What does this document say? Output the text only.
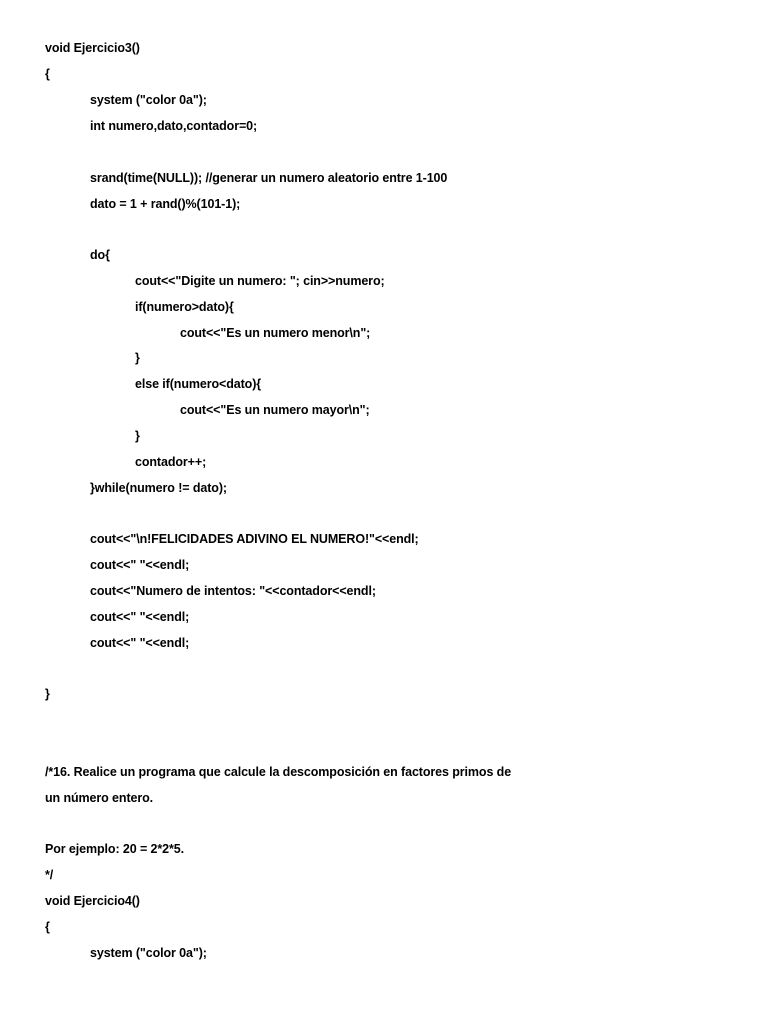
void Ejercicio3()

{

system ("color 0a");

int numero,dato,contador=0;

srand(time(NULL)); //generar un numero aleatorio entre 1-100

dato = 1 + rand()%(101-1);

do{

cout<<"Digite un numero: "; cin>>numero;

if(numero>dato){

cout<<"Es un numero menor\n";

}

else if(numero<dato){

cout<<"Es un numero mayor\n";

}

contador++;

}while(numero != dato);

cout<<"\n!FELICIDADES ADIVINO EL NUMERO!"<<endl;

cout<<" "<<endl;

cout<<"Numero de intentos: "<<contador<<endl;

cout<<" "<<endl;

cout<<" "<<endl;

}

/*16. Realice un programa que calcule la descomposición en factores primos de

un número entero.

Por ejemplo: 20 = 2*2*5.

*/

void Ejercicio4()

{

system ("color 0a");
